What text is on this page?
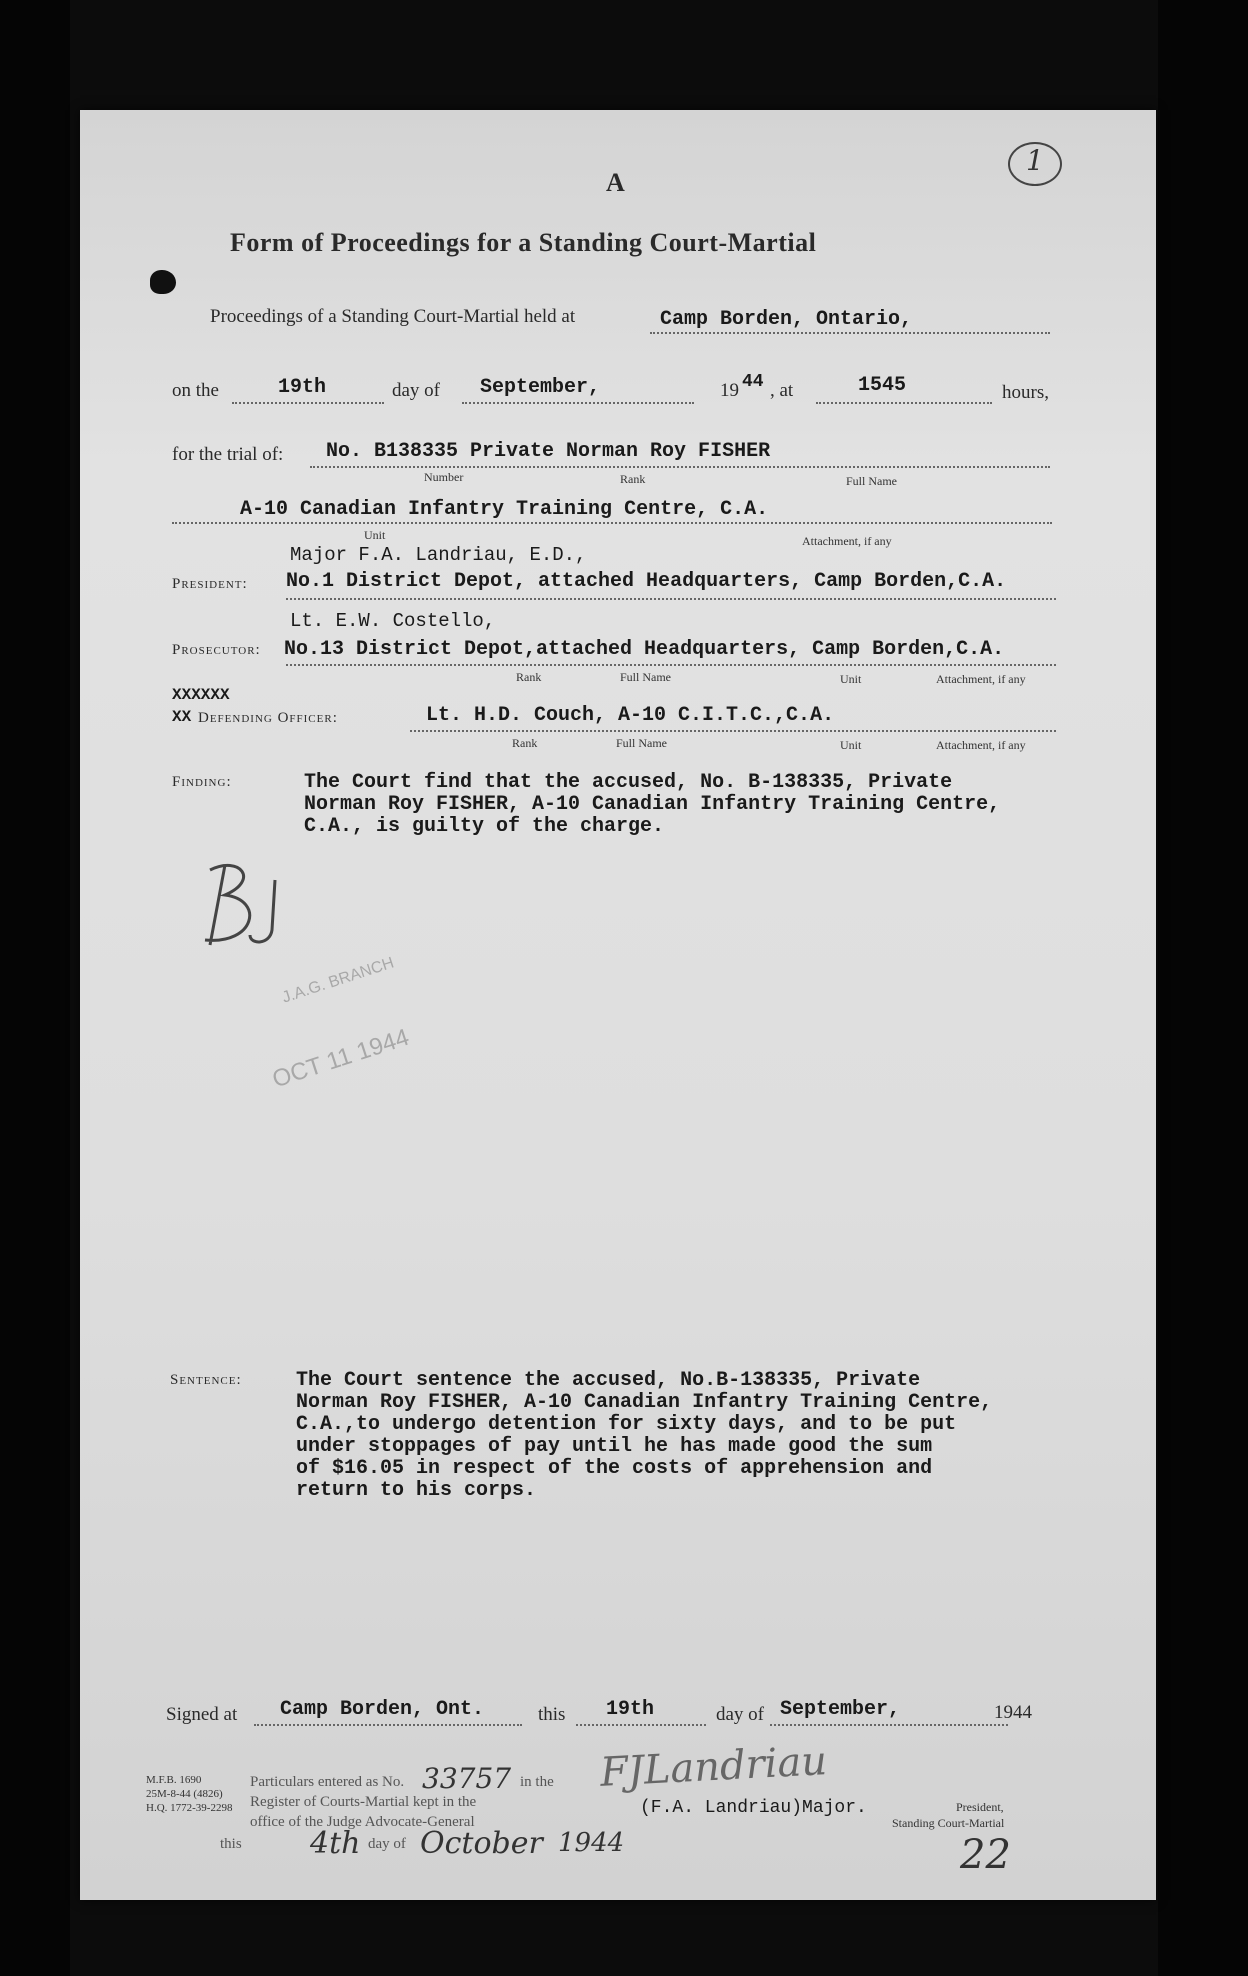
1
A
Form of Proceedings for a Standing Court-Martial
Proceedings of a Standing Court-Martial held at	Camp Borden, Ontario,
on the	19th	day of September,	19 44 , at	1545	hours,
for the trial of: No. B138335 Private Norman Roy FISHER
Number	Rank	Full Name
A-10 Canadian Infantry Training Centre, C.A.
Unit	Attachment, if any
Major F.A. Landriau, E.D.,
President: No.1 District Depot, attached Headquarters, Camp Borden,C.A.
Lt. E.W. Costello,
Prosecutor: No.13 District Depot,attached Headquarters, Camp Borden,C.A.
Rank	Full Name	Unit	Attachment, if any
XXXXXX
XX Defending Officer:	Lt. H.D. Couch, A-10 C.I.T.C.,C.A.
Rank	Full Name	Unit	Attachment, if any
Finding:	The Court find that the accused, No. B-138335, Private
Norman Roy FISHER, A-10 Canadian Infantry Training Centre,
C.A., is guilty of the charge.
J.A.G. BRANCH
OCT 11 1944
Sentence:	The Court sentence the accused, No.B-138335, Private
Norman Roy FISHER, A-10 Canadian Infantry Training Centre,
C.A.,to undergo detention for sixty days, and to be put
under stoppages of pay until he has made good the sum
of $16.05 in respect of the costs of apprehension and
return to his corps.
Signed at Camp Borden, Ont.	this 19th	day of September,	1944
M.F.B. 1690
25M-8-44 (4826)
H.Q. 1772-39-2298
Particulars entered as No. 33757 in the
Register of Courts-Martial kept in the
office of the Judge Advocate-General
this 4th day of October 1944
FJLandriau
(F.A. Landriau)Major.	President,
Standing Court-Martial
22
